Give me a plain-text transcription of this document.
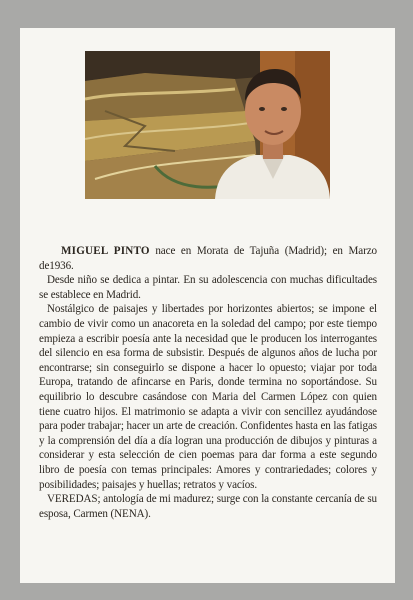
MIGUEL PINTO nace en Morata de Tajuña (Madrid); en Marzo de1936.

Desde niño se dedica a pintar. En su adolescencia con muchas dificultades se establece en Madrid.

Nostálgico de paisajes y libertades por horizontes abiertos; se impone el cambio de vivir como un anacoreta en la soledad del campo; por este tiempo empieza a escribir poesía ante la necesidad que le producen los interrogantes del silencio en esa forma de subsistir. Después de algunos años de lucha por encontrarse; sin conseguirlo se dispone a hacer lo opuesto; viajar por toda Europa, tratando de afincarse en Paris, donde termina no soportándose. Su equilibrio lo descubre casándose con Maria del Carmen López con quien tiene cuatro hijos. El matrimonio se adapta a vivir con sencillez ayudándose para poder trabajar; hacer un arte de creación. Confidentes hasta en las fatigas y la comprensión del día a día logran una producción de dibujos y pinturas a considerar y esta selección de cien poemas para dar forma a este segundo libro de poesía con temas principales: Amores y contrariedades; colores y posibilidades; paisajes y huellas; retratos y vacíos.

VEREDAS; antología de mi madurez; surge con la constante cercanía de su esposa, Carmen (NENA).
